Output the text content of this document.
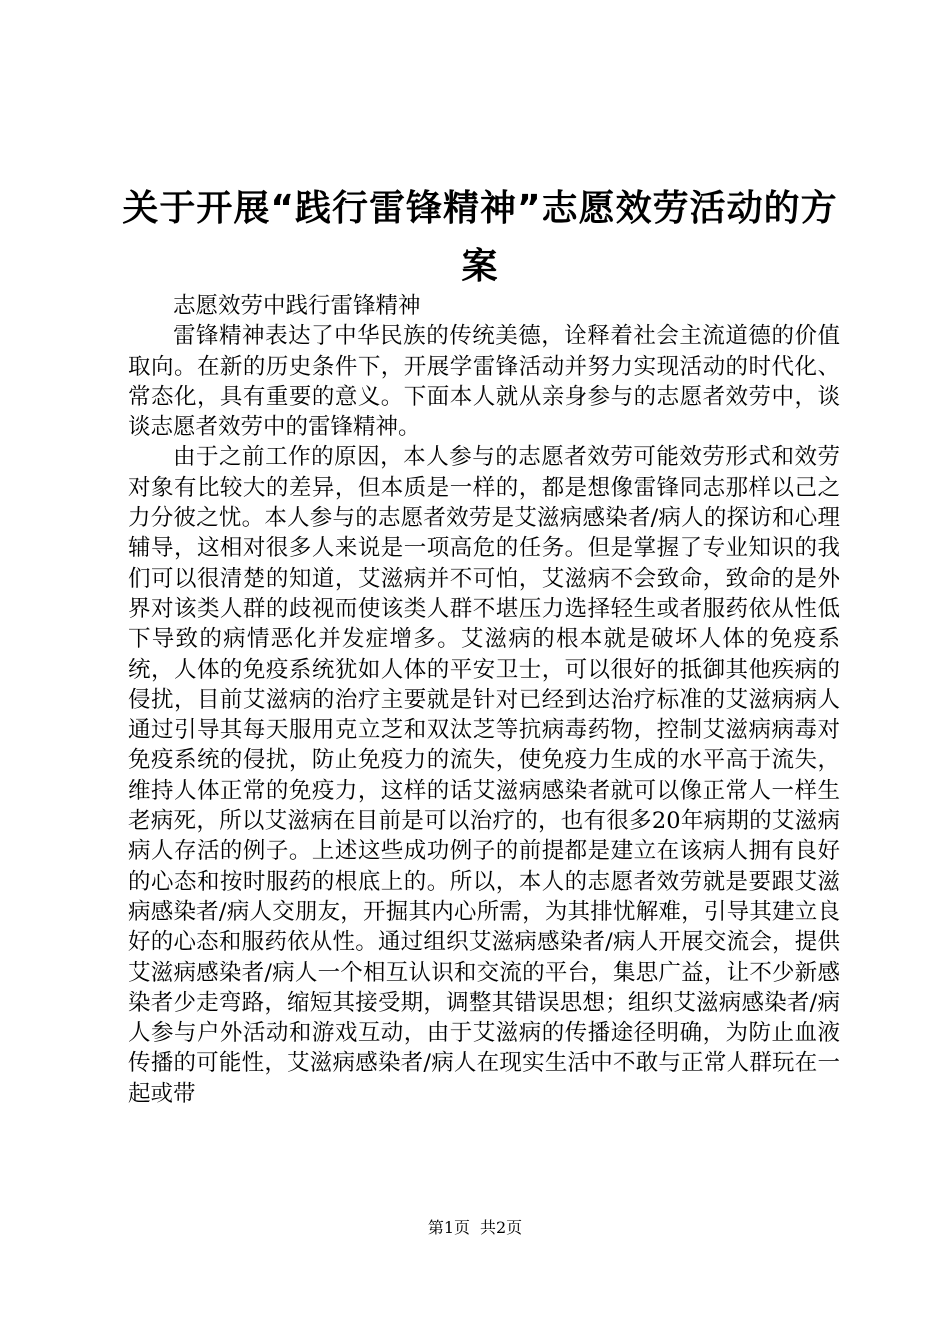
关于开展“践行雷锋精神”志愿效劳活动的方案

志愿效劳中践行雷锋精神

雷锋精神表达了中华民族的传统美德，诠释着社会主流道德的价值取向。在新的历史条件下，开展学雷锋活动并努力实现活动的时代化、常态化，具有重要的意义。下面本人就从亲身参与的志愿者效劳中，谈谈志愿者效劳中的雷锋精神。

由于之前工作的原因，本人参与的志愿者效劳可能效劳形式和效劳对象有比较大的差异，但本质是一样的，都是想像雷锋同志那样以己之力分彼之忧。本人参与的志愿者效劳是艾滋病感染者/病人的探访和心理辅导，这相对很多人来说是一项高危的任务。但是掌握了专业知识的我们可以很清楚的知道，艾滋病并不可怕，艾滋病不会致命，致命的是外界对该类人群的歧视而使该类人群不堪压力选择轻生或者服药依从性低下导致的病情恶化并发症增多。艾滋病的根本就是破坏人体的免疫系统，人体的免疫系统犹如人体的平安卫士，可以很好的抵御其他疾病的侵扰，目前艾滋病的治疗主要就是针对已经到达治疗标准的艾滋病病人通过引导其每天服用克立芝和双汰芝等抗病毒药物，控制艾滋病病毒对免疫系统的侵扰，防止免疫力的流失，使免疫力生成的水平高于流失，维持人体正常的免疫力，这样的话艾滋病感染者就可以像正常人一样生老病死，所以艾滋病在目前是可以治疗的，也有很多20年病期的艾滋病病人存活的例子。上述这些成功例子的前提都是建立在该病人拥有良好的心态和按时服药的根底上的。所以，本人的志愿者效劳就是要跟艾滋病感染者/病人交朋友，开掘其内心所需，为其排忧解难，引导其建立良好的心态和服药依从性。通过组织艾滋病感染者/病人开展交流会，提供艾滋病感染者/病人一个相互认识和交流的平台，集思广益，让不少新感染者少走弯路，缩短其接受期，调整其错误思想；组织艾滋病感染者/病人参与户外活动和游戏互动，由于艾滋病的传播途径明确，为防止血液传播的可能性，艾滋病感染者/病人在现实生活中不敢与正常人群玩在一起或带

第1页 共2页
